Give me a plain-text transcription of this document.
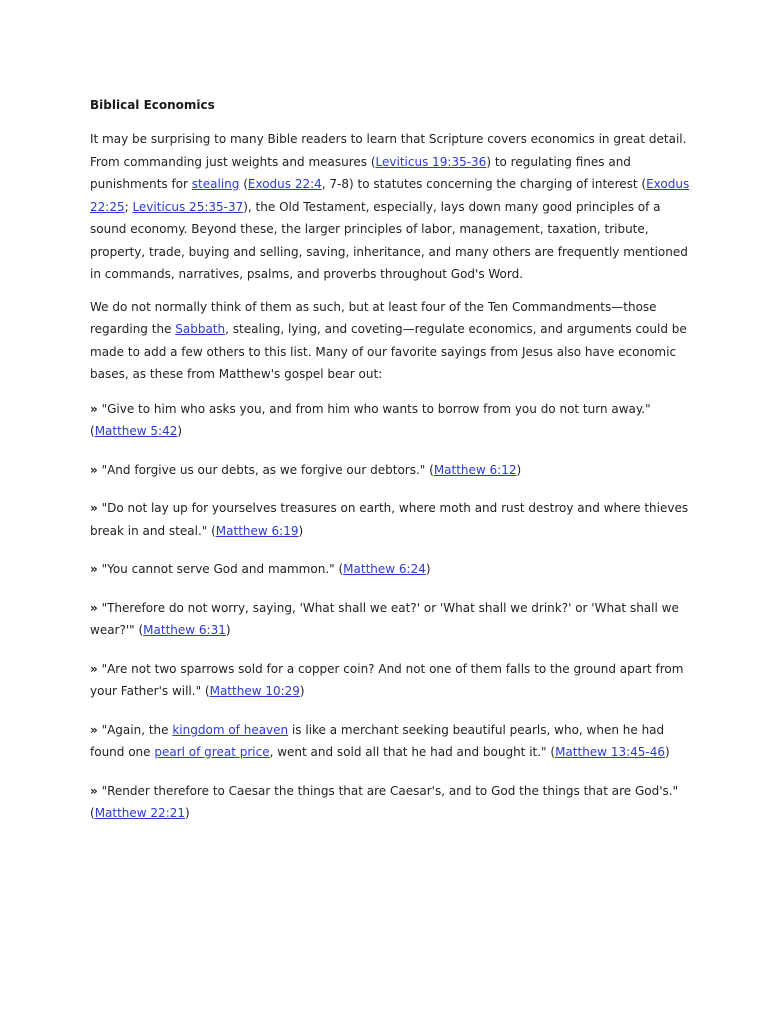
Biblical Economics

It may be surprising to many Bible readers to learn that Scripture covers economics in great detail. From commanding just weights and measures (Leviticus 19:35-36) to regulating fines and punishments for stealing (Exodus 22:4, 7-8) to statutes concerning the charging of interest (Exodus 22:25; Leviticus 25:35-37), the Old Testament, especially, lays down many good principles of a sound economy. Beyond these, the larger principles of labor, management, taxation, tribute, property, trade, buying and selling, saving, inheritance, and many others are frequently mentioned in commands, narratives, psalms, and proverbs throughout God's Word.

We do not normally think of them as such, but at least four of the Ten Commandments—those regarding the Sabbath, stealing, lying, and coveting—regulate economics, and arguments could be made to add a few others to this list. Many of our favorite sayings from Jesus also have economic bases, as these from Matthew's gospel bear out:

» "Give to him who asks you, and from him who wants to borrow from you do not turn away." (Matthew 5:42)

» "And forgive us our debts, as we forgive our debtors." (Matthew 6:12)

» "Do not lay up for yourselves treasures on earth, where moth and rust destroy and where thieves break in and steal." (Matthew 6:19)

» "You cannot serve God and mammon." (Matthew 6:24)

» "Therefore do not worry, saying, 'What shall we eat?' or 'What shall we drink?' or 'What shall we wear?'" (Matthew 6:31)

» "Are not two sparrows sold for a copper coin? And not one of them falls to the ground apart from your Father's will." (Matthew 10:29)

» "Again, the kingdom of heaven is like a merchant seeking beautiful pearls, who, when he had found one pearl of great price, went and sold all that he had and bought it." (Matthew 13:45-46)

» "Render therefore to Caesar the things that are Caesar's, and to God the things that are God's." (Matthew 22:21)
